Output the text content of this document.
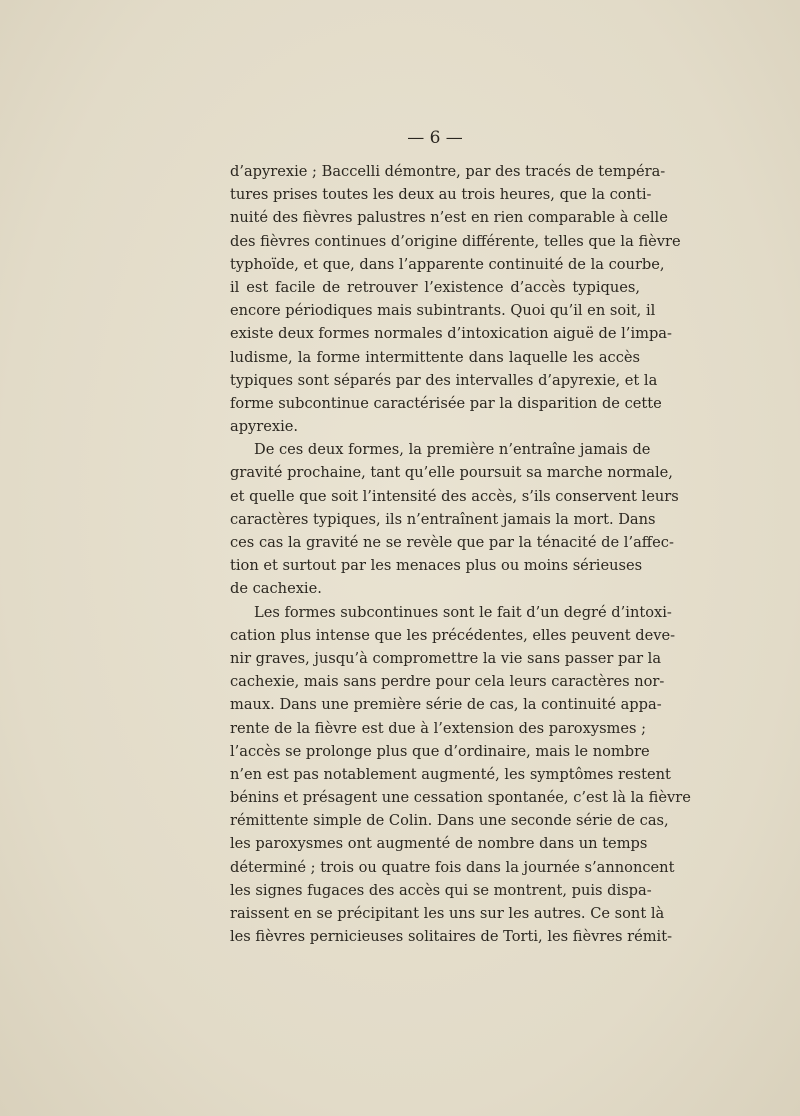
— 6 —
d’apyrexie ; Baccelli démontre, par des tracés de tempéra-
tures prises toutes les deux au trois heures, que la conti-
nuité des fièvres palustres n’est en rien comparable à celle
des fièvres continues d’origine différente, telles que la fièvre
typhoïde, et que, dans l’apparente continuité de la courbe,
il est facile de retrouver l’existence d’accès typiques,
encore périodiques mais subintrants. Quoi qu’il en soit, il
existe deux formes normales d’intoxication aiguë de l’impa-
ludisme, la forme intermittente dans laquelle les accès
typiques sont séparés par des intervalles d’apyrexie, et la
forme subcontinue caractérisée par la disparition de cette
apyrexie.
De ces deux formes, la première n’entraîne jamais de
gravité prochaine, tant qu’elle poursuit sa marche normale,
et quelle que soit l’intensité des accès, s’ils conservent leurs
caractères typiques, ils n’entraînent jamais la mort. Dans
ces cas la gravité ne se revèle que par la ténacité de l’affec-
tion et surtout par les menaces plus ou moins sérieuses
de cachexie.
Les formes subcontinues sont le fait d’un degré d’intoxi-
cation plus intense que les précédentes, elles peuvent deve-
nir graves, jusqu’à compromettre la vie sans passer par la
cachexie, mais sans perdre pour cela leurs caractères nor-
maux. Dans une première série de cas, la continuité appa-
rente de la fièvre est due à l’extension des paroxysmes ;
l’accès se prolonge plus que d’ordinaire, mais le nombre
n’en est pas notablement augmenté, les symptômes restent
bénins et présagent une cessation spontanée, c’est là la fièvre
rémittente simple de Colin. Dans une seconde série de cas,
les paroxysmes ont augmenté de nombre dans un temps
déterminé ; trois ou quatre fois dans la journée s’annoncent
les signes fugaces des accès qui se montrent, puis dispa-
raissent en se précipitant les uns sur les autres. Ce sont là
les fièvres pernicieuses solitaires de Torti, les fièvres rémit-
